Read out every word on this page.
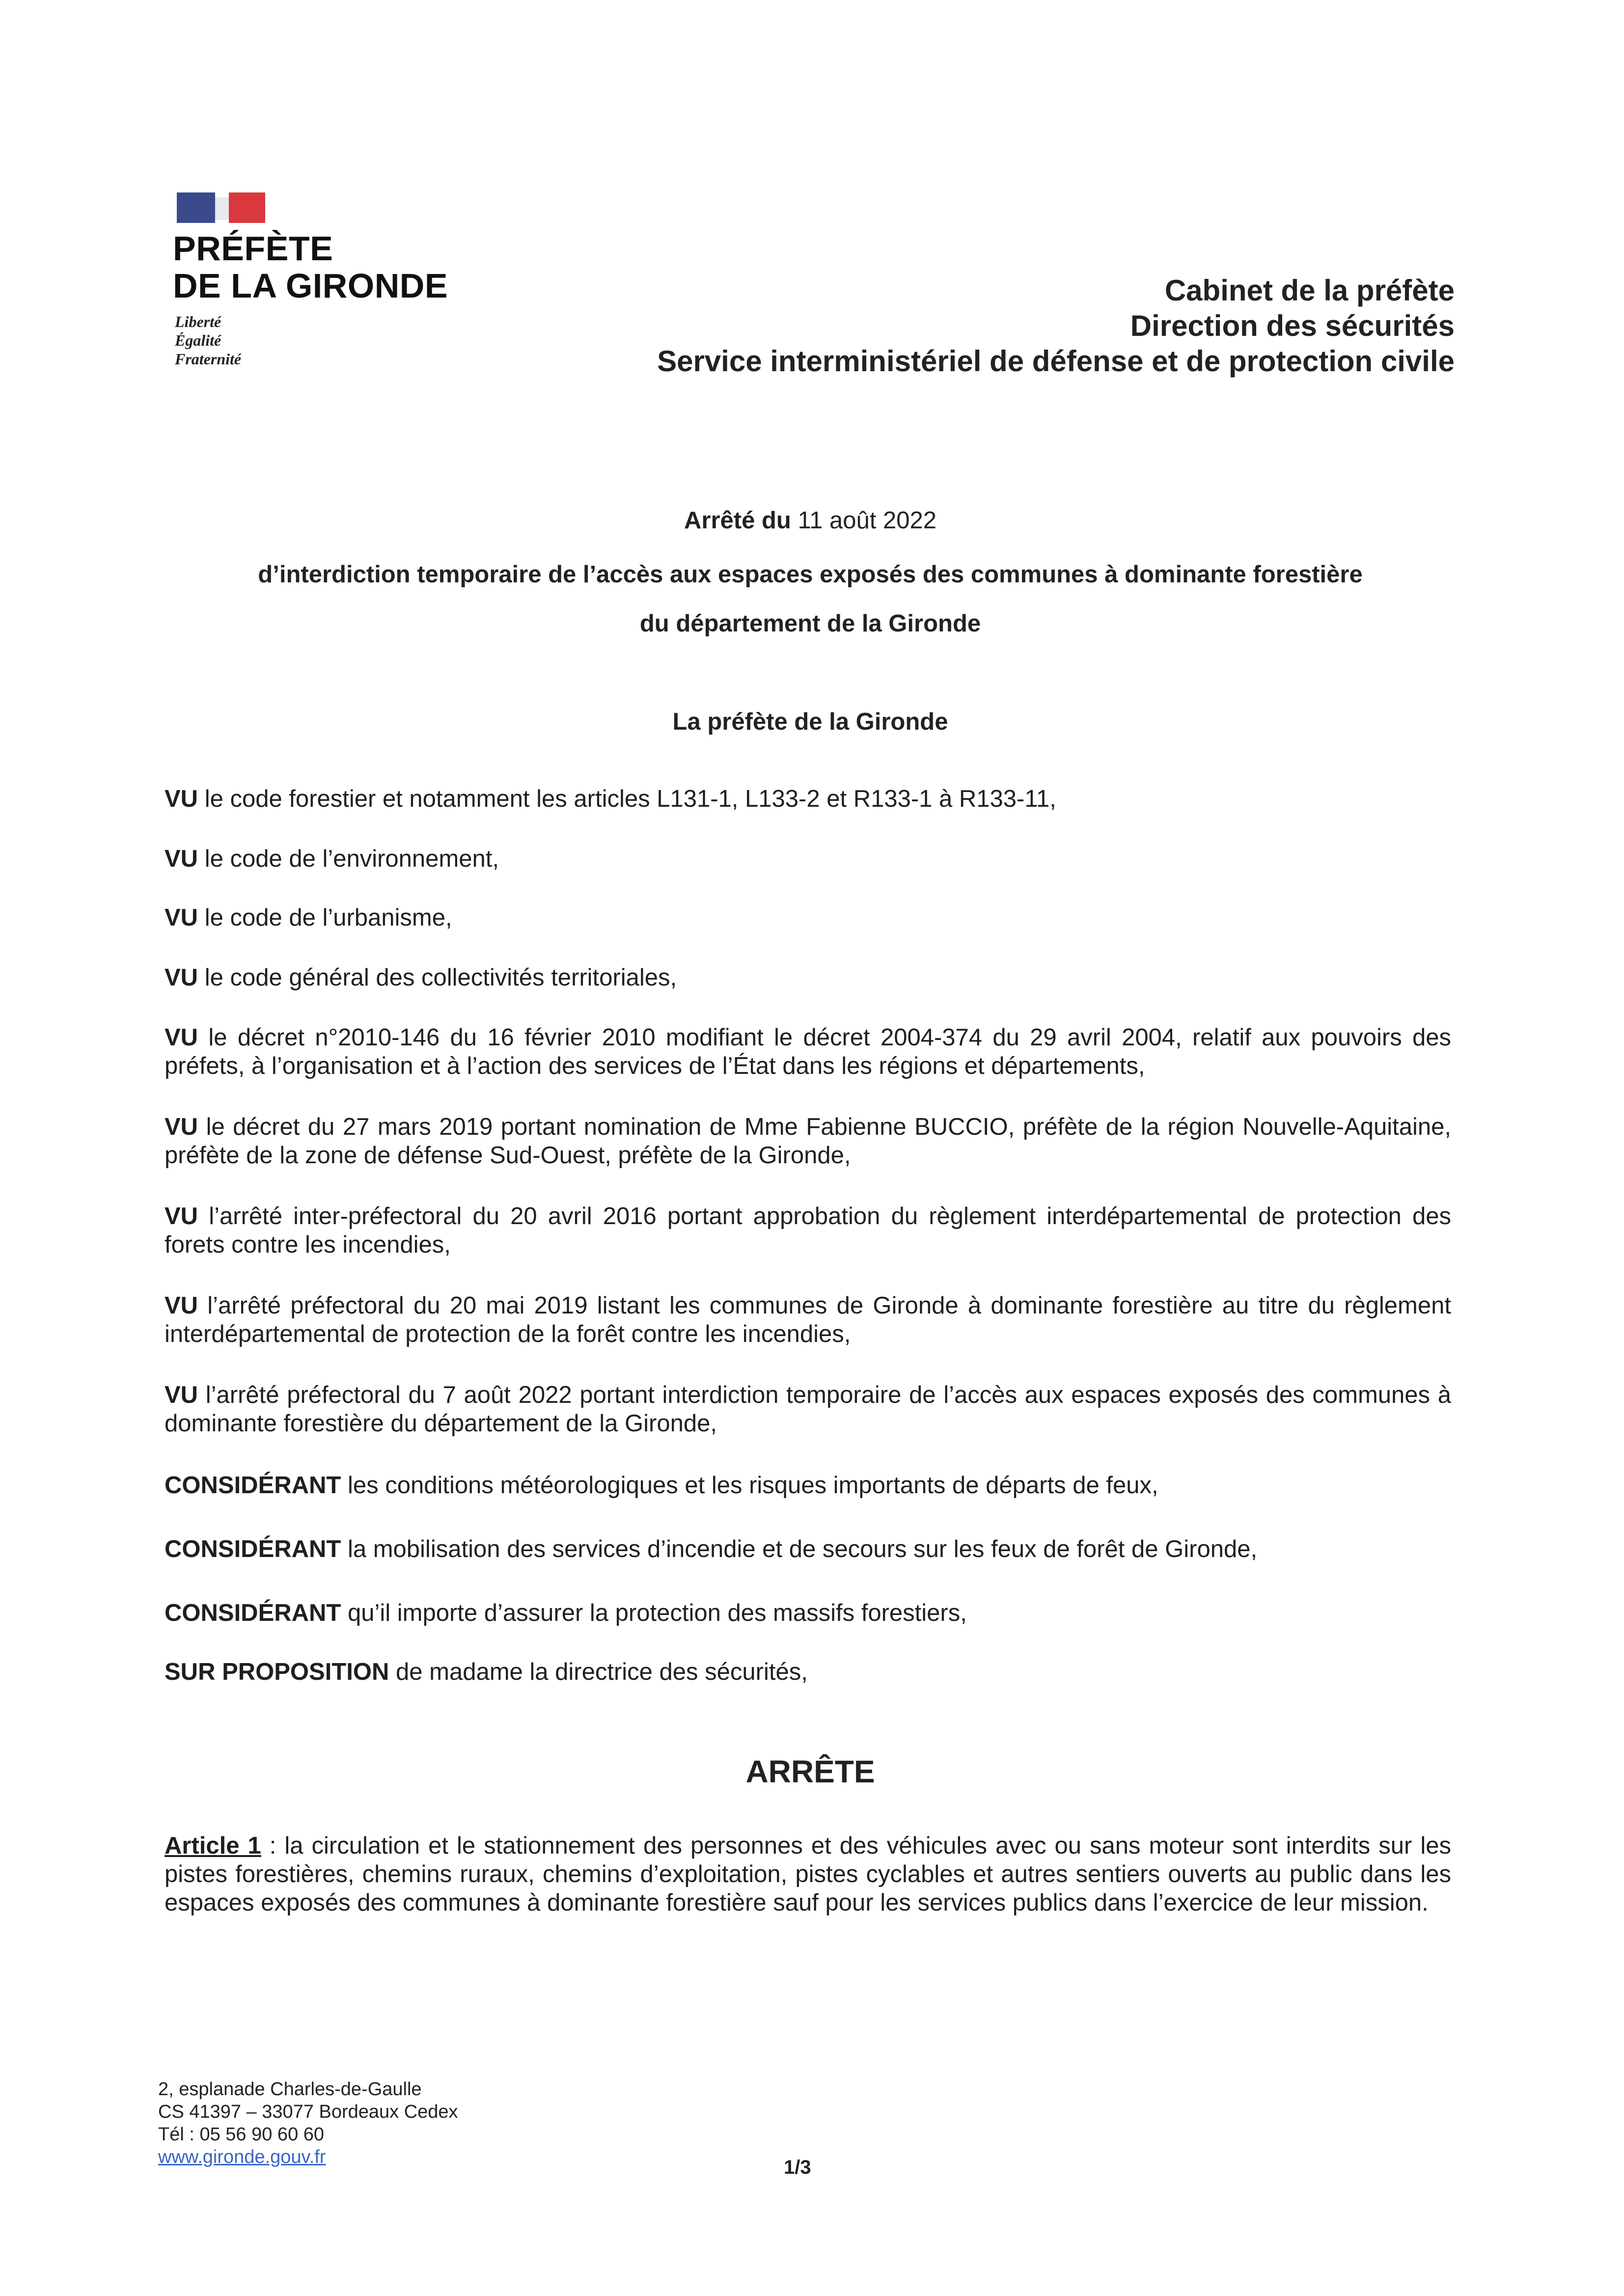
PRÉFÈTE
DE LA GIRONDE
Liberté
Égalité
Fraternité
Cabinet de la préfète
Direction des sécurités
Service interministériel de défense et de protection civile
Arrêté du 11 août 2022
d’interdiction temporaire de l’accès aux espaces exposés des communes à dominante forestière
du département de la Gironde
La préfète de la Gironde
VU le code forestier et notamment les articles L131-1, L133-2 et R133-1 à R133-11,
VU le code de l’environnement,
VU le code de l’urbanisme,
VU le code général des collectivités territoriales,
VU le décret n°2010-146 du 16 février 2010 modifiant le décret 2004-374 du 29 avril 2004, relatif aux pouvoirs des préfets, à l’organisation et à l’action des services de l’État dans les régions et départements,
VU le décret du 27 mars 2019 portant nomination de Mme Fabienne BUCCIO, préfète de la région Nouvelle-Aquitaine, préfète de la zone de défense Sud-Ouest, préfète de la Gironde,
VU l’arrêté inter-préfectoral du 20 avril 2016 portant approbation du règlement interdépartemental de protection des forets contre les incendies,
VU l’arrêté préfectoral du 20 mai 2019 listant les communes de Gironde à dominante forestière au titre du règlement interdépartemental de protection de la forêt contre les incendies,
VU l’arrêté préfectoral du 7 août 2022 portant interdiction temporaire de l’accès aux espaces exposés des communes à dominante forestière du département de la Gironde,
CONSIDÉRANT les conditions météorologiques et les risques importants de départs de feux,
CONSIDÉRANT la mobilisation des services d’incendie et de secours sur les feux de forêt de Gironde,
CONSIDÉRANT qu’il importe d’assurer la protection des massifs forestiers,
SUR PROPOSITION de madame la directrice des sécurités,
ARRÊTE
Article 1 : la circulation et le stationnement des personnes et des véhicules avec ou sans moteur sont interdits sur les pistes forestières, chemins ruraux, chemins d’exploitation, pistes cyclables et autres sentiers ouverts au public dans les espaces exposés des communes à dominante forestière sauf pour les services publics dans l’exercice de leur mission.
2, esplanade Charles-de-Gaulle
CS 41397 – 33077 Bordeaux Cedex
Tél : 05 56 90 60 60
www.gironde.gouv.fr	1/3
